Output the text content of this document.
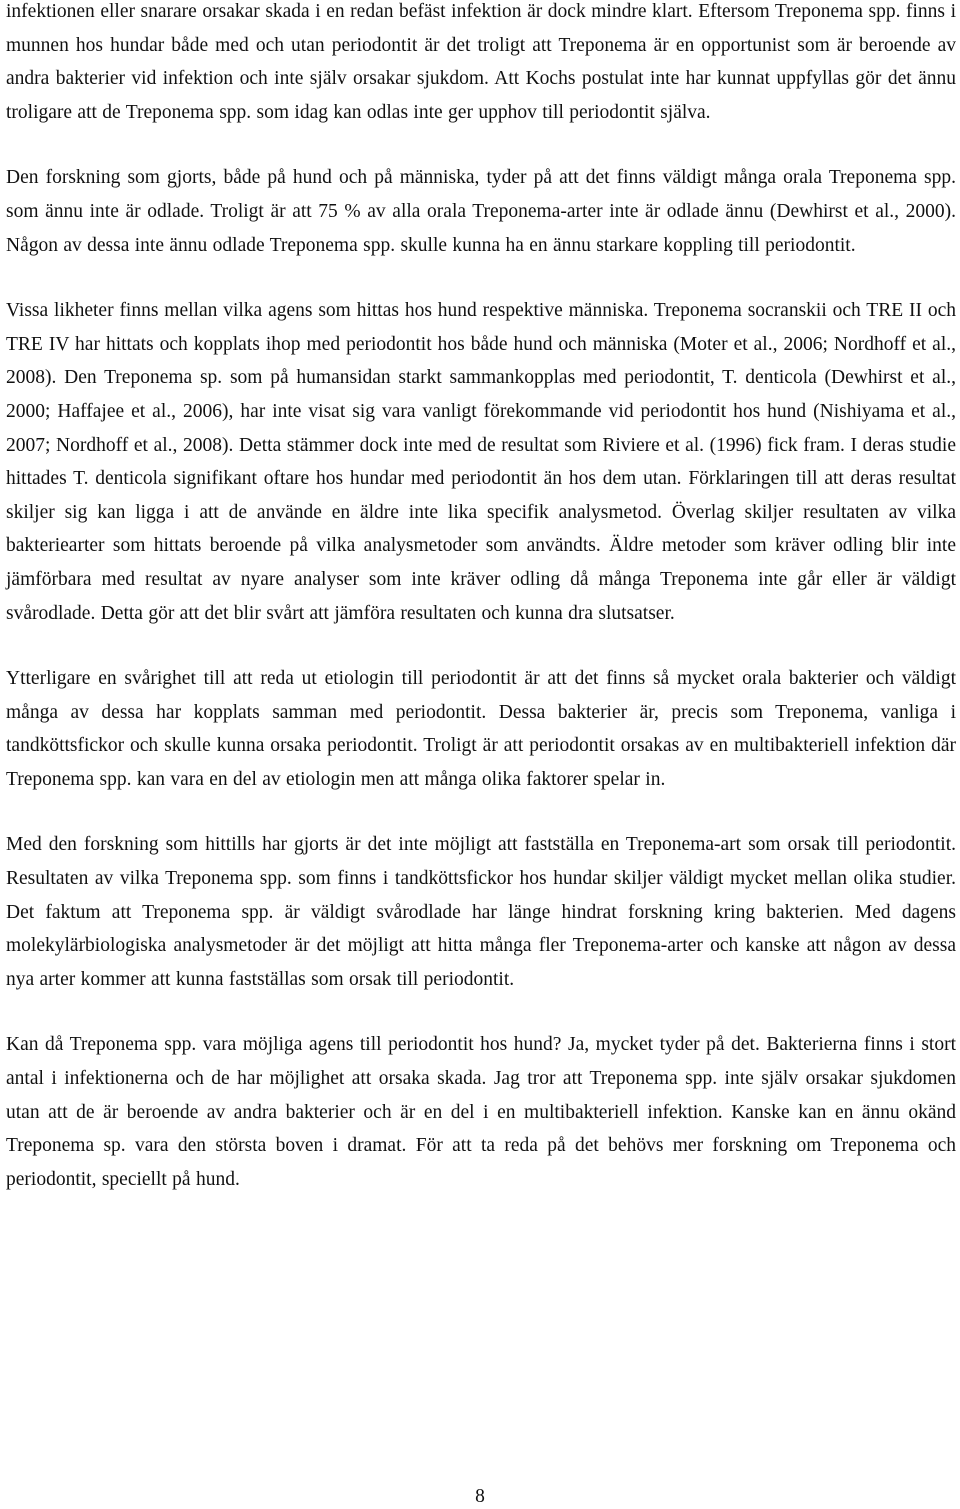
infektionen eller snarare orsakar skada i en redan befäst infektion är dock mindre klart. Eftersom Treponema spp. finns i munnen hos hundar både med och utan periodontit är det troligt att Treponema är en opportunist som är beroende av andra bakterier vid infektion och inte själv orsakar sjukdom. Att Kochs postulat inte har kunnat uppfyllas gör det ännu troligare att de Treponema spp. som idag kan odlas inte ger upphov till periodontit själva.

Den forskning som gjorts, både på hund och på människa, tyder på att det finns väldigt många orala Treponema spp. som ännu inte är odlade. Troligt är att 75 % av alla orala Treponema-arter inte är odlade ännu (Dewhirst et al., 2000). Någon av dessa inte ännu odlade Treponema spp. skulle kunna ha en ännu starkare koppling till periodontit.

Vissa likheter finns mellan vilka agens som hittas hos hund respektive människa. Treponema socranskii och TRE II och TRE IV har hittats och kopplats ihop med periodontit hos både hund och människa (Moter et al., 2006; Nordhoff et al., 2008). Den Treponema sp. som på humansidan starkt sammankopplas med periodontit, T. denticola (Dewhirst et al., 2000; Haffajee et al., 2006), har inte visat sig vara vanligt förekommande vid periodontit hos hund (Nishiyama et al., 2007; Nordhoff et al., 2008). Detta stämmer dock inte med de resultat som Riviere et al. (1996) fick fram. I deras studie hittades T. denticola signifikant oftare hos hundar med periodontit än hos dem utan. Förklaringen till att deras resultat skiljer sig kan ligga i att de använde en äldre inte lika specifik analysmetod. Överlag skiljer resultaten av vilka bakteriearter som hittats beroende på vilka analysmetoder som användts. Äldre metoder som kräver odling blir inte jämförbara med resultat av nyare analyser som inte kräver odling då många Treponema inte går eller är väldigt svårodlade. Detta gör att det blir svårt att jämföra resultaten och kunna dra slutsatser.

Ytterligare en svårighet till att reda ut etiologin till periodontit är att det finns så mycket orala bakterier och väldigt många av dessa har kopplats samman med periodontit. Dessa bakterier är, precis som Treponema, vanliga i tandköttsfickor och skulle kunna orsaka periodontit. Troligt är att periodontit orsakas av en multibakteriell infektion där Treponema spp. kan vara en del av etiologin men att många olika faktorer spelar in.

Med den forskning som hittills har gjorts är det inte möjligt att fastställa en Treponema-art som orsak till periodontit. Resultaten av vilka Treponema spp. som finns i tandköttsfickor hos hundar skiljer väldigt mycket mellan olika studier. Det faktum att Treponema spp. är väldigt svårodlade har länge hindrat forskning kring bakterien. Med dagens molekylärbiologiska analysmetoder är det möjligt att hitta många fler Treponema-arter och kanske att någon av dessa nya arter kommer att kunna fastställas som orsak till periodontit.

Kan då Treponema spp. vara möjliga agens till periodontit hos hund? Ja, mycket tyder på det. Bakterierna finns i stort antal i infektionerna och de har möjlighet att orsaka skada. Jag tror att Treponema spp. inte själv orsakar sjukdomen utan att de är beroende av andra bakterier och är en del i en multibakteriell infektion. Kanske kan en ännu okänd Treponema sp. vara den största boven i dramat. För att ta reda på det behövs mer forskning om Treponema och periodontit, speciellt på hund.

8
